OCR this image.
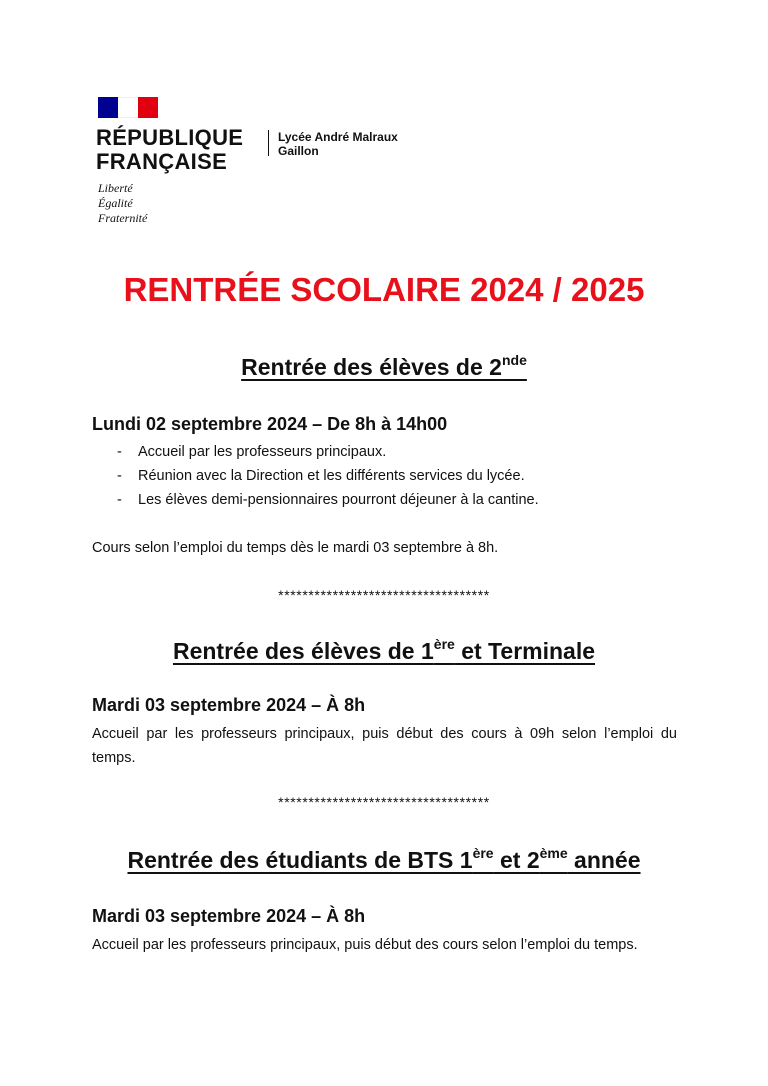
RÉPUBLIQUE
FRANÇAISE
Liberté
Égalité
Fraternité
Lycée André Malraux
Gaillon
RENTRÉE SCOLAIRE 2024 / 2025
Rentrée des élèves de 2nde
Lundi 02 septembre 2024 – De 8h à 14h00
- Accueil par les professeurs principaux.
- Réunion avec la Direction et les différents services du lycée.
- Les élèves demi-pensionnaires pourront déjeuner à la cantine.
Cours selon l’emploi du temps dès le mardi 03 septembre à 8h.
***********************************
Rentrée des élèves de 1ère et Terminale
Mardi 03 septembre 2024 – À 8h
Accueil par les professeurs principaux, puis début des cours à 09h selon l’emploi du temps.
***********************************
Rentrée des étudiants de BTS 1ère et 2ème année
Mardi 03 septembre 2024 – À 8h
Accueil par les professeurs principaux, puis début des cours selon l’emploi du temps.
